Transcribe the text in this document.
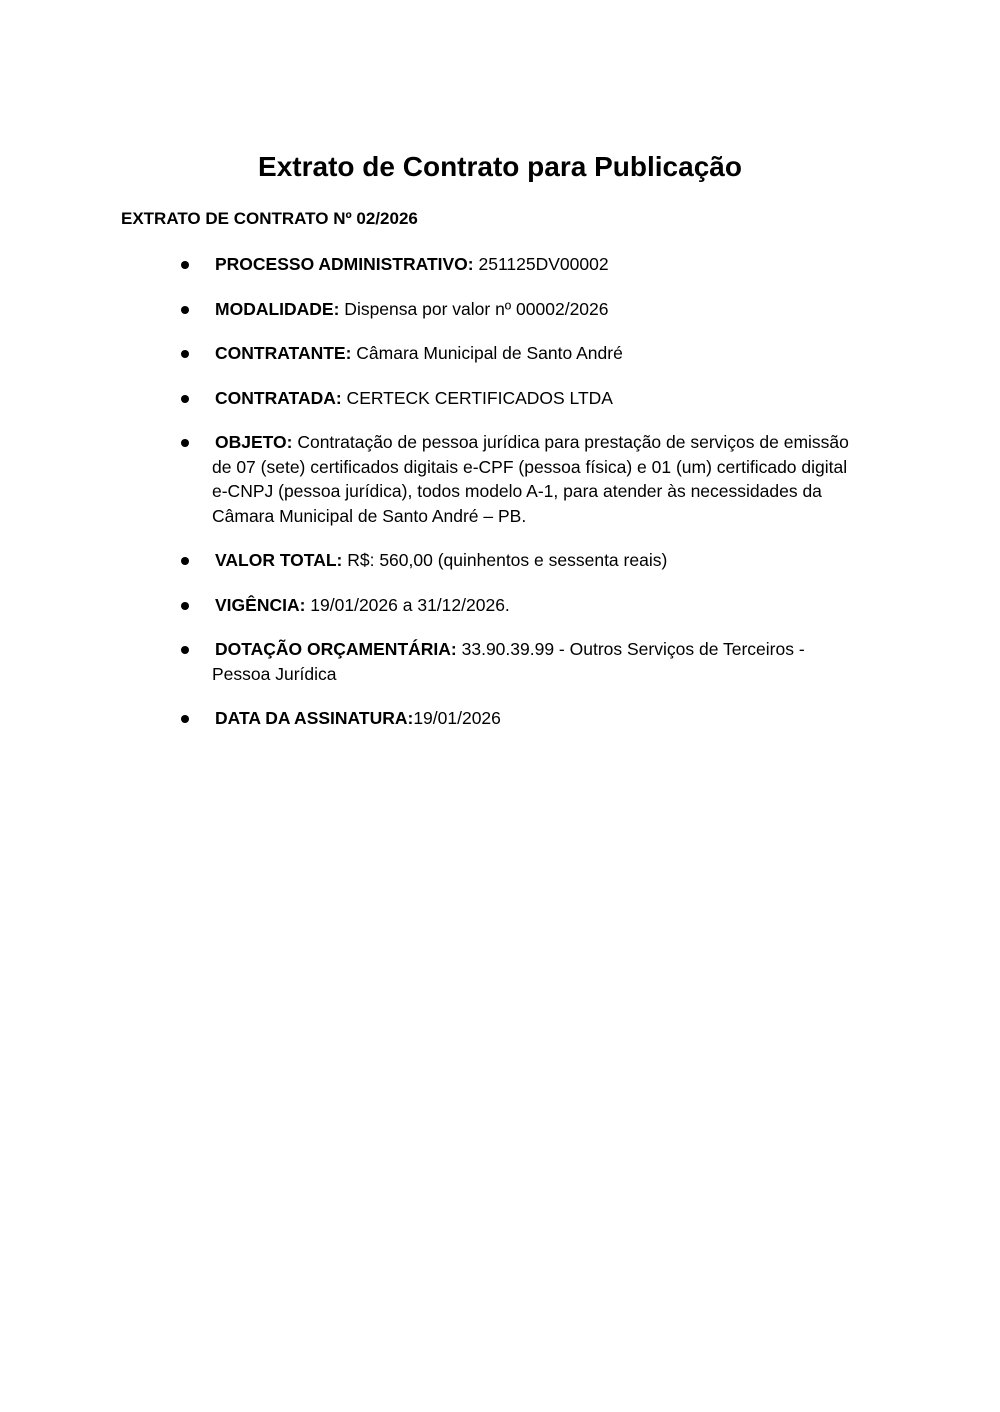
Extrato de Contrato para Publicação

EXTRATO DE CONTRATO Nº 02/2026

PROCESSO ADMINISTRATIVO: 251125DV00002
MODALIDADE: Dispensa por valor nº 00002/2026
CONTRATANTE: Câmara Municipal de Santo André
CONTRATADA: CERTECK CERTIFICADOS LTDA
OBJETO: Contratação de pessoa jurídica para prestação de serviços de emissão de 07 (sete) certificados digitais e-CPF (pessoa física) e 01 (um) certificado digital e-CNPJ (pessoa jurídica), todos modelo A-1, para atender às necessidades da Câmara Municipal de Santo André – PB.
VALOR TOTAL: R$: 560,00 (quinhentos e sessenta reais)
VIGÊNCIA: 19/01/2026 a 31/12/2026.
DOTAÇÃO ORÇAMENTÁRIA: 33.90.39.99 - Outros Serviços de Terceiros - Pessoa Jurídica
DATA DA ASSINATURA:19/01/2026
